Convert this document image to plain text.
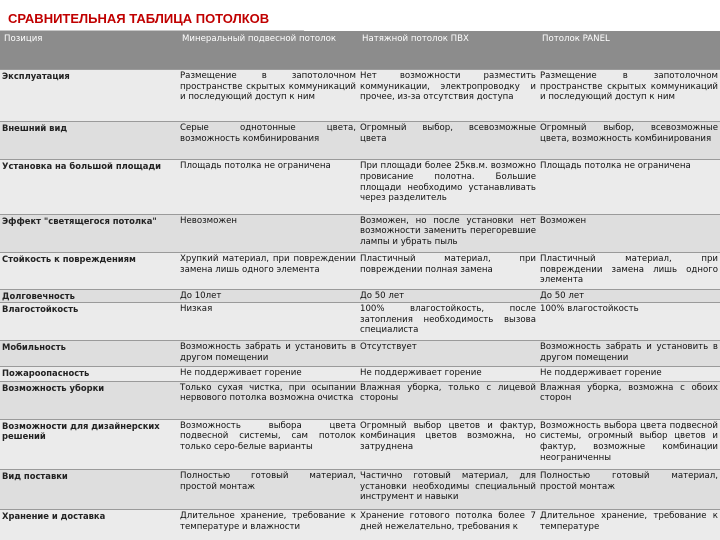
СРАВНИТЕЛЬНАЯ ТАБЛИЦА ПОТОЛКОВ
Позиция	Минеральный подвесной потолок	Натяжной потолок ПВХ	Потолок PANEL
Эксплуатация	Размещение в запотолочном пространстве скрытых коммуникаций и последующий доступ к ним	Нет возможности разместить коммуникации, электропроводку и прочее, из-за отсутствия доступа	Размещение в запотолочном пространстве скрытых коммуникаций и последующий доступ к ним
Внешний вид	Серые однотонные цвета, возможность комбинирования	Огромный выбор, всевозможные цвета	Огромный выбор, всевозможные цвета, возможность комбинирования
Установка на большой площади	Площадь потолка не ограничена	При площади более 25кв.м. возможно провисание полотна. Большие площади необходимо устанавливать через разделитель	Площадь потолка не ограничена
Эффект "светящегося потолка"	Невозможен	Возможен, но после установки нет возможности заменить перегоревшие лампы и убрать пыль	Возможен
Стойкость к повреждениям	Хрупкий материал, при повреждении замена лишь одного элемента	Пластичный материал, при повреждении полная замена	Пластичный материал, при повреждении замена лишь одного элемента
Долговечность	До 10лет	До 50 лет	До 50 лет
Влагостойкость	Низкая	100% влагостойкость, после затопления необходимость вызова специалиста	100% влагостойкость
Мобильность	Возможность забрать и установить в другом помещении	Отсутствует	Возможность забрать и установить в другом помещении
Пожароопасность	Не поддерживает горение	Не поддерживает горение	Не поддерживает горение
Возможность уборки	Только сухая чистка, при осыпании нервового потолка возможна очистка	Влажная уборка, только с лицевой стороны	Влажная уборка, возможна с обоих сторон
Возможности для дизайнерских решений	Возможность выбора цвета подвесной системы, сам потолок только серо-белые варианты	Огромный выбор цветов и фактур, комбинация цветов возможна, но затруднена	Возможность выбора цвета подвесной системы, огромный выбор цветов и фактур, возможные комбинации неограниченны
Вид поставки	Полностью готовый материал, простой монтаж	Частично готовый материал, для установки необходимы специальный инструмент и навыки	Полностью готовый материал, простой монтаж
Хранение и доставка	Длительное хранение, требование к температуре и влажности	Хранение готового потолка более 7 дней нежелательно, требования к	Длительное хранение, требование к температуре
